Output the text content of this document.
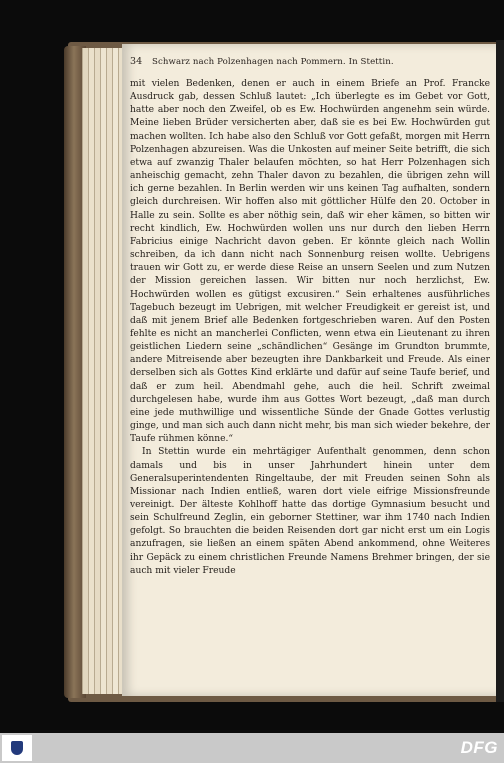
34 Schwarz nach Polzenhagen nach Pommern. In Stettin.

mit vielen Bedenken, denen er auch in einem Briefe an Prof. Francke Ausdruck gab, dessen Schluß lautet: „Ich überlegte es im Gebet vor Gott, hatte aber noch den Zweifel, ob es Ew. Hochwürden angenehm sein würde. Meine lieben Brüder versicherten aber, daß sie es bei Ew. Hochwürden gut machen wollten. Ich habe also den Schluß vor Gott gefaßt, morgen mit Herrn Polzenhagen abzureisen. Was die Unkosten auf meiner Seite betrifft, die sich etwa auf zwanzig Thaler belaufen möchten, so hat Herr Polzenhagen sich anheischig gemacht, zehn Thaler davon zu bezahlen, die übrigen zehn will ich gerne bezahlen. In Berlin werden wir uns keinen Tag aufhalten, sondern gleich durchreisen. Wir hoffen also mit göttlicher Hülfe den 20. October in Halle zu sein. Sollte es aber nöthig sein, daß wir eher kämen, so bitten wir recht kindlich, Ew. Hochwürden wollen uns nur durch den lieben Herrn Fabricius einige Nachricht davon geben. Er könnte gleich nach Wollin schreiben, da ich dann nicht nach Sonnenburg reisen wollte. Uebrigens trauen wir Gott zu, er werde diese Reise an unsern Seelen und zum Nutzen der Mission gereichen lassen. Wir bitten nur noch herzlichst, Ew. Hochwürden wollen es gütigst excusiren.“ Sein erhaltenes ausführliches Tagebuch bezeugt im Uebrigen, mit welcher Freudigkeit er gereist ist, und daß mit jenem Brief alle Bedenken fortgeschrieben waren. Auf den Posten fehlte es nicht an mancherlei Conflicten, wenn etwa ein Lieutenant zu ihren geistlichen Liedern seine „schändlichen“ Gesänge im Grundton brummte, andere Mitreisende aber bezeugten ihre Dankbarkeit und Freude. Als einer derselben sich als Gottes Kind erklärte und dafür auf seine Taufe berief, und daß er zum heil. Abendmahl gehe, auch die heil. Schrift zweimal durchgelesen habe, wurde ihm aus Gottes Wort bezeugt, „daß man durch eine jede muthwillige und wissentliche Sünde der Gnade Gottes verlustig ginge, und man sich auch dann nicht mehr, bis man sich wieder bekehre, der Taufe rühmen könne.“

In Stettin wurde ein mehrtägiger Aufenthalt genommen, denn schon damals und bis in unser Jahrhundert hinein unter dem Generalsuperintendenten Ringeltaube, der mit Freuden seinen Sohn als Missionar nach Indien entließ, waren dort viele eifrige Missionsfreunde vereinigt. Der älteste Kohlhoff hatte das dortige Gymnasium besucht und sein Schulfreund Zeglin, ein geborner Stettiner, war ihm 1740 nach Indien gefolgt. So brauchten die beiden Reisenden dort gar nicht erst um ein Logis anzufragen, sie ließen an einem späten Abend ankommend, ohne Weiteres ihr Gepäck zu einem christlichen Freunde Namens Brehmer bringen, der sie auch mit vieler Freude

DFG
